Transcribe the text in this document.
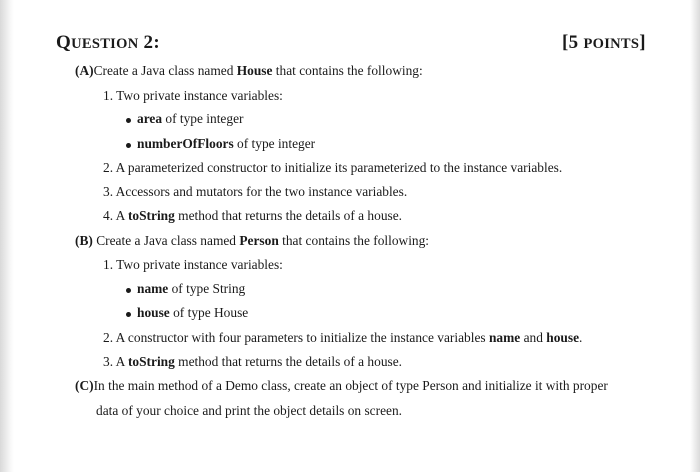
QUESTION 2:	[5 POINTS]
(A)Create a Java class named House that contains the following:
1. Two private instance variables:
area of type integer
numberOfFloors of type integer
2. A parameterized constructor to initialize its parameterized to the instance variables.
3. Accessors and mutators for the two instance variables.
4. A toString method that returns the details of a house.
(B) Create a Java class named Person that contains the following:
1. Two private instance variables:
name of type String
house of type House
2. A constructor with four parameters to initialize the instance variables name and house.
3. A toString method that returns the details of a house.
(C)In the main method of a Demo class, create an object of type Person and initialize it with proper
data of your choice and print the object details on screen.
